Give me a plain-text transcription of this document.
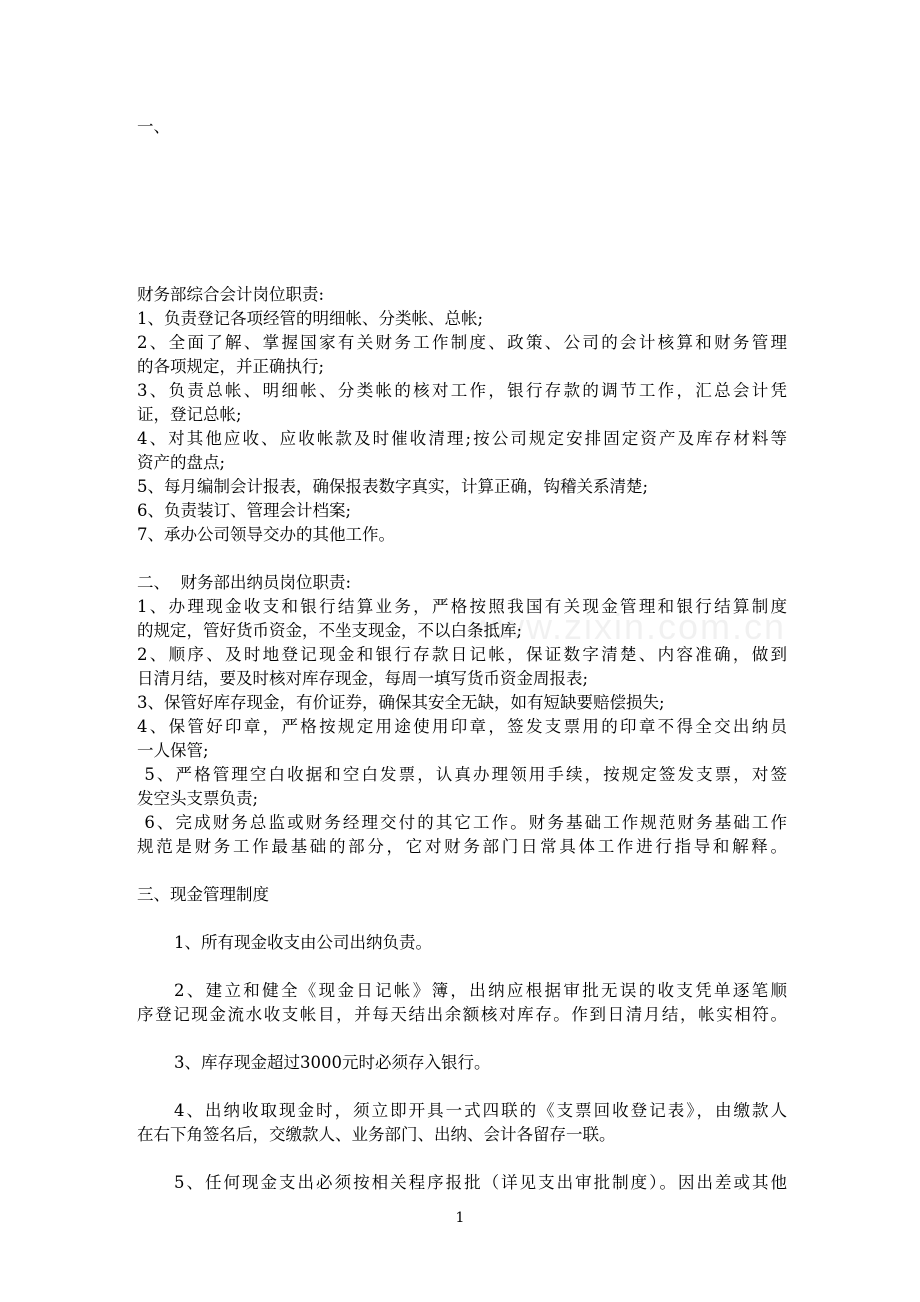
一、
财务部综合会计岗位职责:
1、负责登记各项经管的明细帐、分类帐、总帐;
2、全面了解、掌握国家有关财务工作制度、政策、公司的会计核算和财务管理
的各项规定，并正确执行;
3、负责总帐、明细帐、分类帐的核对工作，银行存款的调节工作，汇总会计凭
证，登记总帐;
4、对其他应收、应收帐款及时催收清理;按公司规定安排固定资产及库存材料等
资产的盘点;
5、每月编制会计报表，确保报表数字真实，计算正确，钩稽关系清楚;
6、负责装订、管理会计档案;
7、承办公司领导交办的其他工作。
二、  财务部出纳员岗位职责:
1、办理现金收支和银行结算业务，严格按照我国有关现金管理和银行结算制度
的规定，管好货币资金，不坐支现金，不以白条抵库;
2、顺序、及时地登记现金和银行存款日记帐，保证数字清楚、内容准确，做到
日清月结，要及时核对库存现金，每周一填写货币资金周报表;
3、保管好库存现金，有价证券，确保其安全无缺，如有短缺要赔偿损失;
4、保管好印章，严格按规定用途使用印章，签发支票用的印章不得全交出纳员
一人保管;
5、严格管理空白收据和空白发票，认真办理领用手续，按规定签发支票，对签
发空头支票负责;
6、完成财务总监或财务经理交付的其它工作。财务基础工作规范财务基础工作
规范是财务工作最基础的部分，它对财务部门日常具体工作进行指导和解释。
三、现金管理制度
1、所有现金收支由公司出纳负责。
2、建立和健全《现金日记帐》簿，出纳应根据审批无误的收支凭单逐笔顺
序登记现金流水收支帐目，并每天结出余额核对库存。作到日清月结，帐实相符。
3、库存现金超过3000元时必须存入银行。
4、出纳收取现金时，须立即开具一式四联的《支票回收登记表》，由缴款人
在右下角签名后，交缴款人、业务部门、出纳、会计各留存一联。
5、任何现金支出必须按相关程序报批（详见支出审批制度）。因出差或其他
www.zixin.com.cn
1
